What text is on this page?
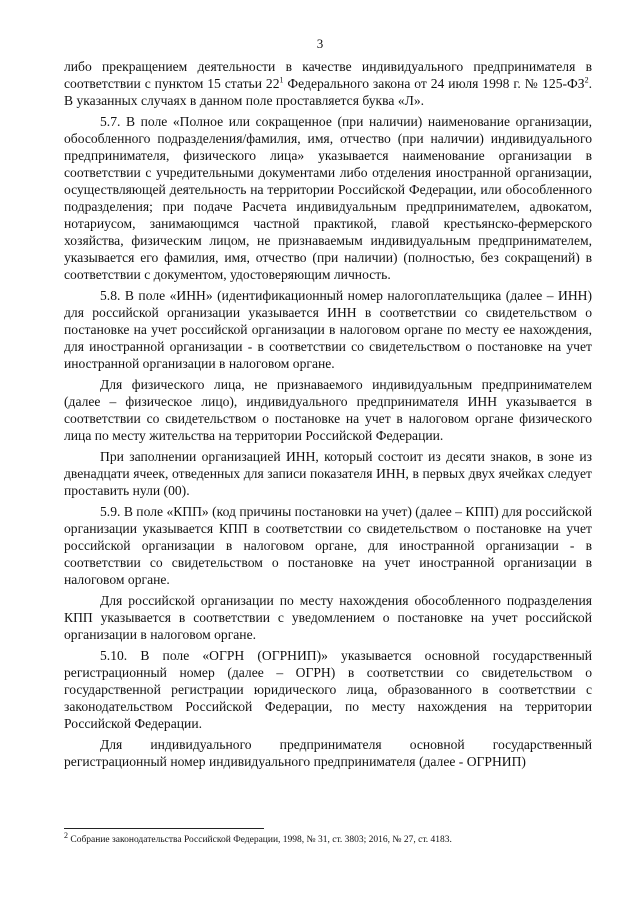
3

либо прекращением деятельности в качестве индивидуального предпринимателя в соответствии с пунктом 15 статьи $22^1$ Федерального закона от 24 июля 1998 г. № $125-ФЗ^2$. В указанных случаях в данном поле проставляется буква «Л».

5.7. В поле «Полное или сокращенное (при наличии) наименование организации, обособленного подразделения/фамилия, имя, отчество (при наличии) индивидуального предпринимателя, физического лица» указывается наименование организации в соответствии с учредительными документами либо отделения иностранной организации, осуществляющей деятельность на территории Российской Федерации, или обособленного подразделения; при подаче Расчета индивидуальным предпринимателем, адвокатом, нотариусом, занимающимся частной практикой, главой крестьянско-фермерского хозяйства, физическим лицом, не признаваемым индивидуальным предпринимателем, указывается его фамилия, имя, отчество (при наличии) (полностью, без сокращений) в соответствии с документом, удостоверяющим личность.

5.8. В поле «ИНН» (идентификационный номер налогоплательщика (далее – ИНН) для российской организации указывается ИНН в соответствии со свидетельством о постановке на учет российской организации в налоговом органе по месту ее нахождения, для иностранной организации - в соответствии со свидетельством о постановке на учет иностранной организации в налоговом органе.

Для физического лица, не признаваемого индивидуальным предпринимателем (далее – физическое лицо), индивидуального предпринимателя ИНН указывается в соответствии со свидетельством о постановке на учет в налоговом органе физического лица по месту жительства на территории Российской Федерации.

При заполнении организацией ИНН, который состоит из десяти знаков, в зоне из двенадцати ячеек, отведенных для записи показателя ИНН, в первых двух ячейках следует проставить нули (00).

5.9. В поле «КПП» (код причины постановки на учет) (далее – КПП) для российской организации указывается КПП в соответствии со свидетельством о постановке на учет российской организации в налоговом органе, для иностранной организации - в соответствии со свидетельством о постановке на учет иностранной организации в налоговом органе.

Для российской организации по месту нахождения обособленного подразделения КПП указывается в соответствии с уведомлением о постановке на учет российской организации в налоговом органе.

5.10. В поле «ОГРН (ОГРНИП)» указывается основной государственный регистрационный номер (далее – ОГРН) в соответствии со свидетельством о государственной регистрации юридического лица, образованного в соответствии с законодательством Российской Федерации, по месту нахождения на территории Российской Федерации.

Для индивидуального предпринимателя основной государственный регистрационный номер индивидуального предпринимателя (далее - ОГРНИП)

$^2$ Собрание законодательства Российской Федерации, 1998, № 31, ст. 3803; 2016, № 27, ст. 4183.
